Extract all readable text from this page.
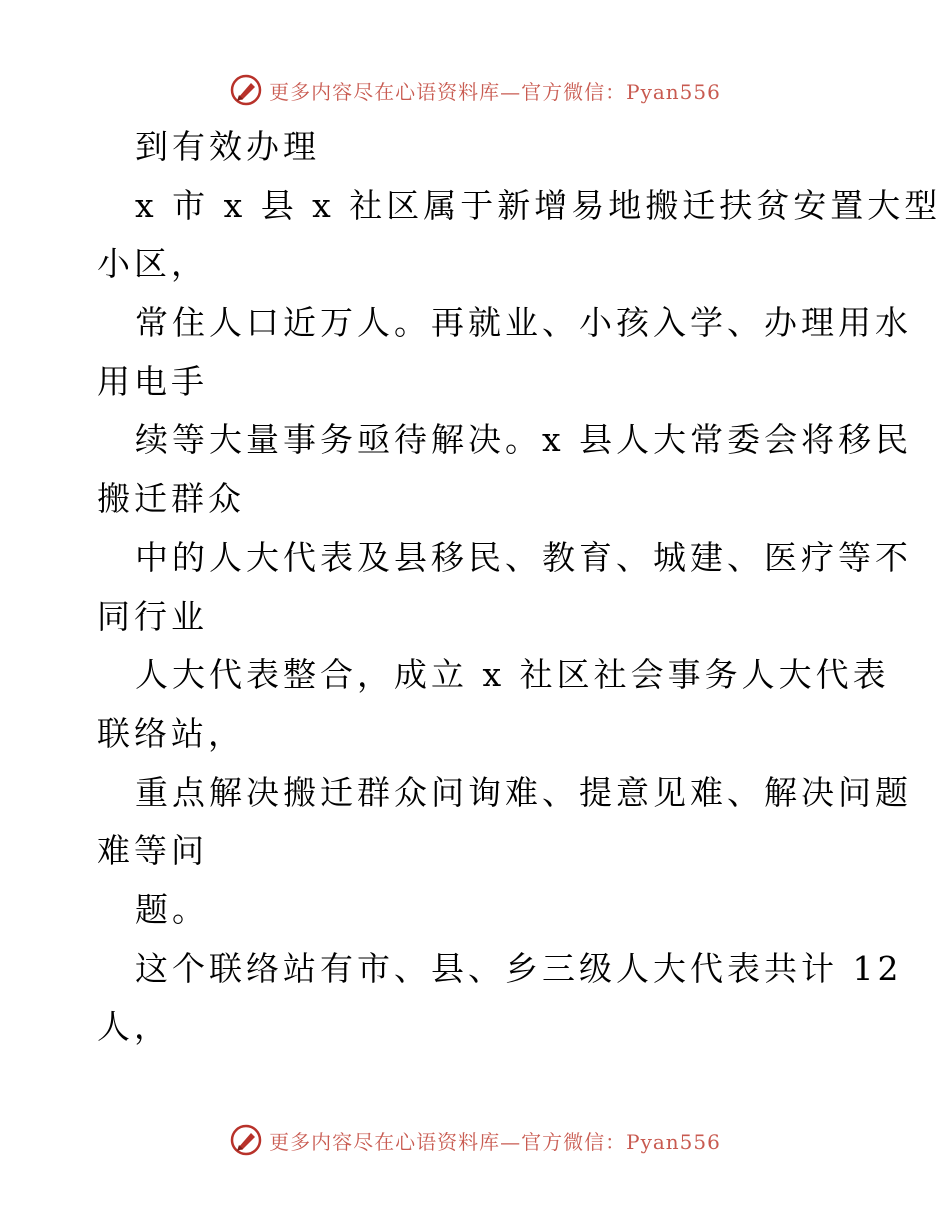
更多内容尽在心语资料库—官方微信：Pyan556
到有效办理
x 市 x 县 x 社区属于新增易地搬迁扶贫安置大型
小区，
常住人口近万人。再就业、小孩入学、办理用水
用电手
续等大量事务亟待解决。x 县人大常委会将移民
搬迁群众
中的人大代表及县移民、教育、城建、医疗等不
同行业
人大代表整合，成立 x 社区社会事务人大代表
联络站，
重点解决搬迁群众问询难、提意见难、解决问题
难等问
题。
这个联络站有市、县、乡三级人大代表共计 12
人，
更多内容尽在心语资料库—官方微信：Pyan556
